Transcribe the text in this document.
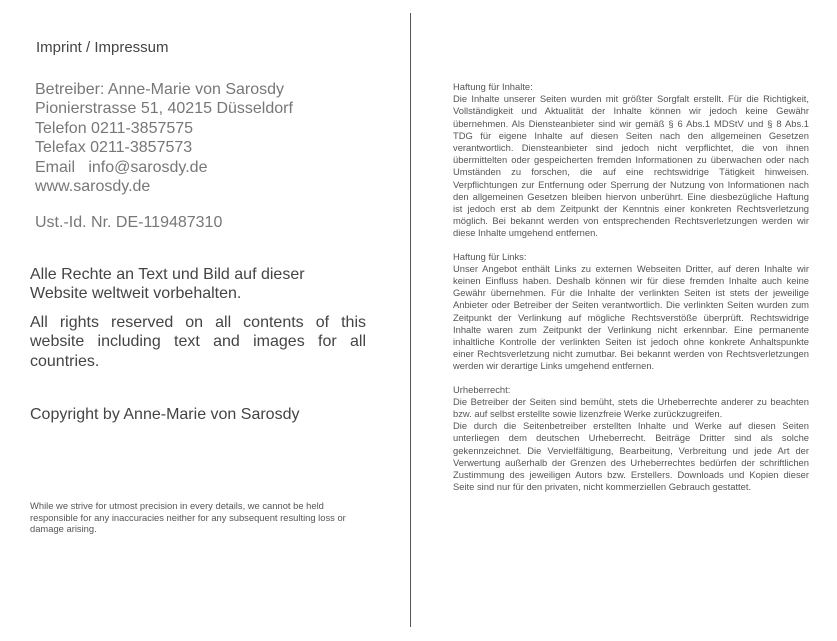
Imprint / Impressum
Betreiber: Anne-Marie von Sarosdy
Pionierstrasse 51, 40215 Düsseldorf
Telefon 0211-3857575
Telefax 0211-3857573
Email   info@sarosdy.de
www.sarosdy.de
Ust.-Id. Nr. DE-119487310
Alle Rechte an Text und Bild auf dieser Website weltweit vorbehalten.
All rights reserved on all contents of this website including text and images for all countries.
Copyright by Anne-Marie von Sarosdy
While we strive for utmost precision in every details, we cannot be held responsible for any inaccuracies neither for any subsequent resulting loss or damage arising.

Haftung für Inhalte:
Die Inhalte unserer Seiten wurden mit größter Sorgfalt erstellt. Für die Richtigkeit, Vollständigkeit und Aktualität der Inhalte können wir jedoch keine Gewähr übernehmen. Als Diensteanbieter sind wir gemäß § 6 Abs.1 MDStV und § 8 Abs.1 TDG für eigene Inhalte auf diesen Seiten nach den allgemeinen Gesetzen verantwortlich. Diensteanbieter sind jedoch nicht verpflichtet, die von ihnen übermittelten oder gespeicherten fremden Informationen zu überwachen oder nach Umständen zu forschen, die auf eine rechtswidrige Tätigkeit hinweisen. Verpflichtungen zur Entfernung oder Sperrung der Nutzung von Informationen nach den allgemeinen Gesetzen bleiben hiervon unberührt. Eine diesbezügliche Haftung ist jedoch erst ab dem Zeitpunkt der Kenntnis einer konkreten Rechtsverletzung möglich. Bei bekannt werden von entsprechenden Rechtsverletzungen werden wir diese Inhalte umgehend entfernen.

Haftung für Links:
Unser Angebot enthält Links zu externen Webseiten Dritter, auf deren Inhalte wir keinen Einfluss haben. Deshalb können wir für diese fremden Inhalte auch keine Gewähr übernehmen. Für die Inhalte der verlinkten Seiten ist stets der jeweilige Anbieter oder Betreiber der Seiten verantwortlich. Die verlinkten Seiten wurden zum Zeitpunkt der Verlinkung auf mögliche Rechtsverstöße überprüft. Rechtswidrige Inhalte waren zum Zeitpunkt der Verlinkung nicht erkennbar. Eine permanente inhaltliche Kontrolle der verlinkten Seiten ist jedoch ohne konkrete Anhaltspunkte einer Rechtsverletzung nicht zumutbar. Bei bekannt werden von Rechtsverletzungen werden wir derartige Links umgehend entfernen.

Urheberrecht:
Die Betreiber der Seiten sind bemüht, stets die Urheberrechte anderer zu beachten bzw. auf selbst erstellte sowie lizenzfreie Werke zurückzugreifen.
Die durch die Seitenbetreiber erstellten Inhalte und Werke auf diesen Seiten unterliegen dem deutschen Urheberrecht. Beiträge Dritter sind als solche gekennzeichnet. Die Vervielfältigung, Bearbeitung, Verbreitung und jede Art der Verwertung außerhalb der Grenzen des Urheberrechtes bedürfen der schriftlichen Zustimmung des jeweiligen Autors bzw. Erstellers. Downloads und Kopien dieser Seite sind nur für den privaten, nicht kommerziellen Gebrauch gestattet.
